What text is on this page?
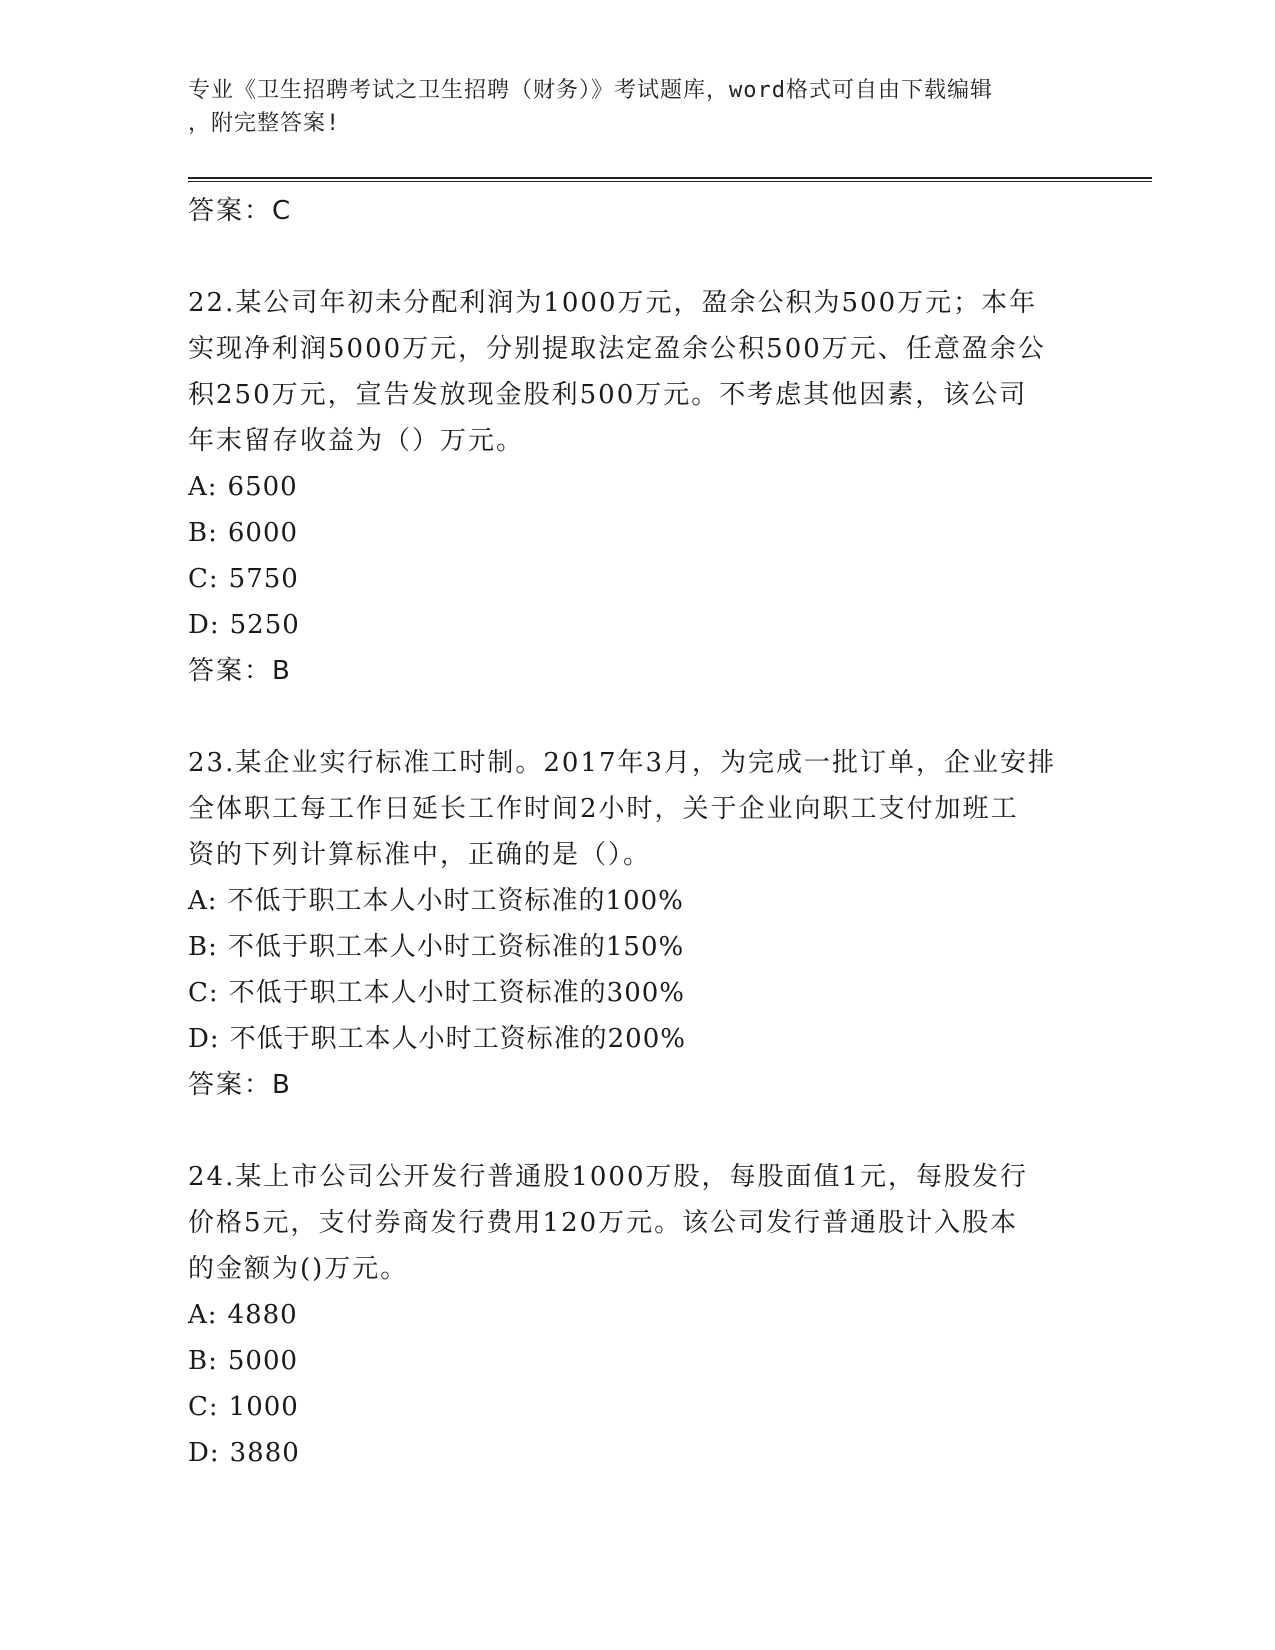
专业《卫生招聘考试之卫生招聘（财务）》考试题库，word格式可自由下载编辑
，附完整答案!
答案：C
22.某公司年初未分配利润为1000万元，盈余公积为500万元；本年
实现净利润5000万元，分别提取法定盈余公积500万元、任意盈余公
积250万元，宣告发放现金股利500万元。不考虑其他因素，该公司
年末留存收益为（）万元。
A: 6500
B: 6000
C: 5750
D: 5250
答案：B
23.某企业实行标准工时制。2017年3月，为完成一批订单，企业安排
全体职工每工作日延长工作时间2小时，关于企业向职工支付加班工
资的下列计算标准中，正确的是（）。
A: 不低于职工本人小时工资标准的100%
B: 不低于职工本人小时工资标准的150%
C: 不低于职工本人小时工资标准的300%
D: 不低于职工本人小时工资标准的200%
答案：B
24.某上市公司公开发行普通股1000万股，每股面值1元，每股发行
价格5元，支付券商发行费用120万元。该公司发行普通股计入股本
的金额为()万元。
A: 4880
B: 5000
C: 1000
D: 3880
